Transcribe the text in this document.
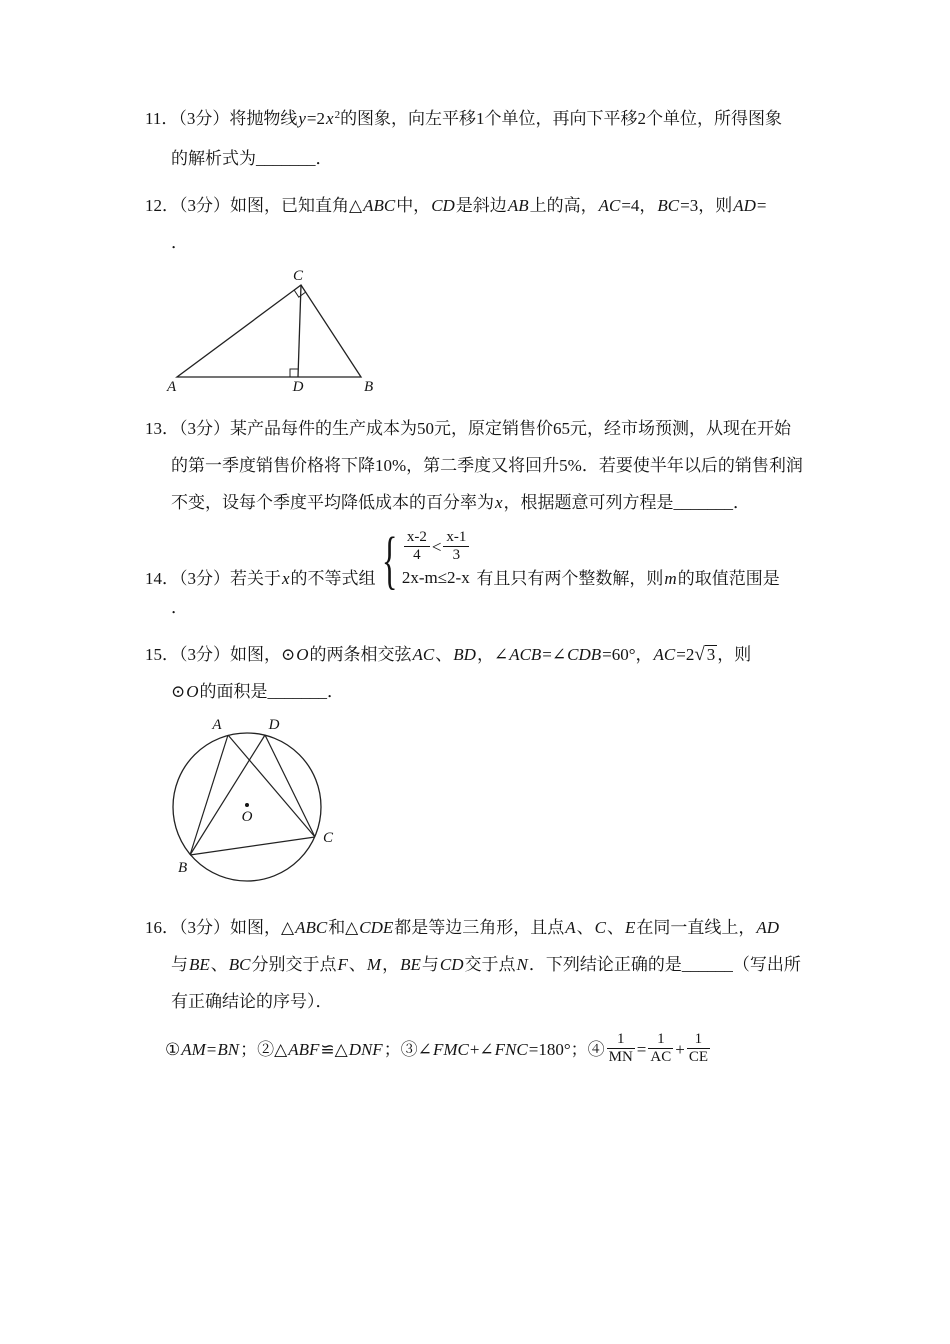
11．（3分）将抛物线$y=2x^2$的图象，向左平移1个单位，再向下平移2个单位，所得图象
的解析式为_______．
12．（3分）如图，已知直角△ABC中，CD是斜边AB上的高，AC=4，BC=3，则AD=
．
C
A	B
D
13．（3分）某产品每件的生产成本为50元，原定销售价65元，经市场预测，从现在开始
的第一季度销售价格将下降10%，第二季度又将回升5%．若要使半年以后的销售利润
不变，设每个季度平均降低成本的百分率为x，根据题意可列方程是_______．
14．（3分）若关于 x 的不等式组 { $\frac{x-2}{4} < \frac{x-1}{3}$
2x-m≤2-x 有且只有两个整数解，则 m 的取值范围是
．
15．（3分）如图，⊙O的两条相交弦AC、BD，∠ACB=∠CDB=60°，AC=2√ 3 ，则
⊙O的面积是_______．
O
A	D
B
C
16．（3分）如图，△ABC和△CDE都是等边三角形，且点A、C、E在同一直线上，AD
与BE、BC分别交于点F、M，BE与CD交于点N．下列结论正确的是______（写出所
有正确结论的序号）．
①AM=BN；②△ABF≌△DNF；③∠FMC+∠FNC=180°；④ $\frac{1}{MN} = \frac{1}{AC} + \frac{1}{CE}$
